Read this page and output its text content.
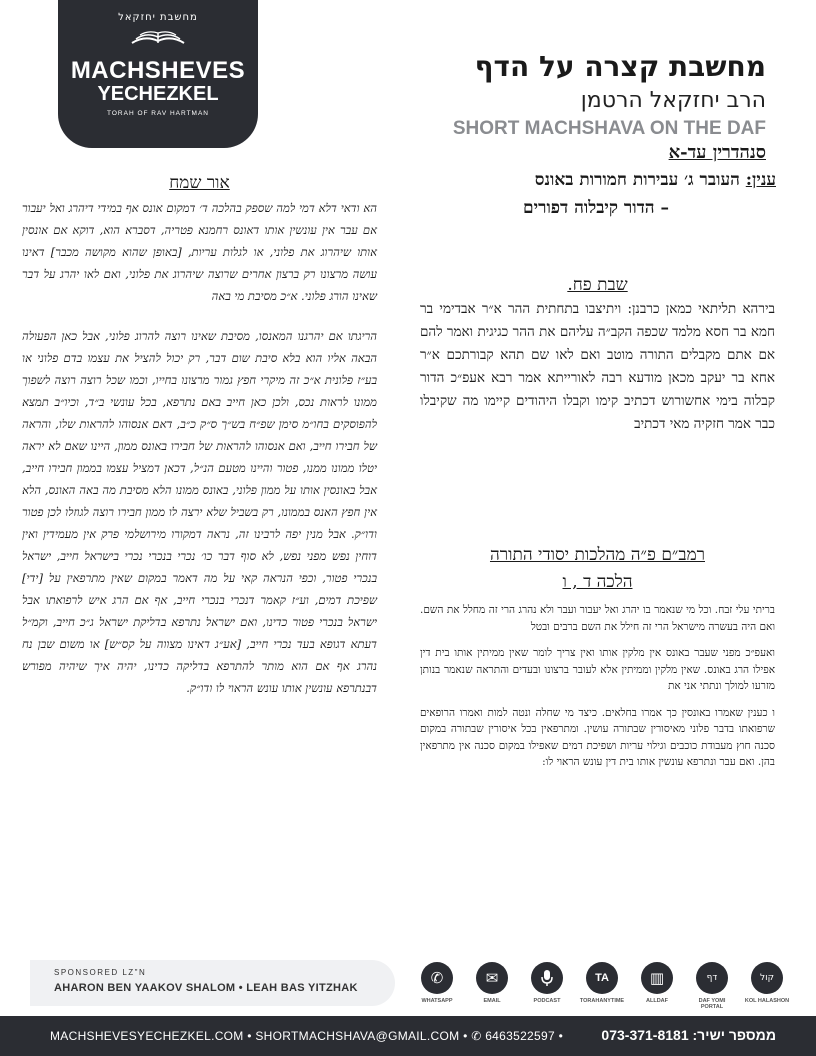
מחשבת יחזקאל
MACHSHEVES
YECHEZKEL
TORAH OF RAV HARTMAN
מחשבת קצרה על הדף
הרב יחזקאל הרטמן
SHORT MACHSHAVA ON THE DAF
סנהדרין עד-א
ענין: העובר ג׳ עבירות חמורות באונס
– הדור קיבלוה דפורים
אור שמח
הא ודאי דלא דמי למה שספק בהלכה ד׳ דמקום אונס אף במידי דיהרג ואל יעבור אם עבר אין עונשין אותו דאונס רחמנא פטריה, דסברא הוא, דוקא אם אונסין אותו שיהרוג את פלוני, או לגלות עריות, [באופן שהוא מקושה מכבר] דאינו עושה מרצונו רק ברצון אחרים שרוצה שיהרוג את פלוני, ואם לאו יהרג על דבר שאינו הורג פלוני. א״כ מסיבת מי באה
הריגתו אם יהרגנו המאנסו, מסיבת שאינו רוצה להרוג פלוני, אבל כאן הפעולה הבאה אליו הוא בלא סיבת שום דבר, רק יכול להציל את עצמו בדם פלוני או בע״ז פלונית א״כ זה מיקרי חפץ גמור מרצונו בחייו, וכמו שכל רוצה רוצה לשפוך ממונו לראות נכס, ולכן כאן חייב באם נתרפא, בכל עונשי ב״ד, וכיו״ב תמצא להפוסקים בחו״מ סימן שפ״ח בש״ך ס״ק כ״ב, דאם אנסוהו להראות שלו, והראה של חבירו חייב, ואם אנסוהו להראות של חבירו באונס ממון, היינו שאם לא יראה יטלו ממונו ממנו, פטור והיינו מטעם הנ״ל, דכאן דמציל עצמו בממון חבירו חייב, אבל באונסין אותו על ממון פלוני, באונס ממונו הלא מסיבת מה באה האונס, הלא אין חפץ האנס בממונו, רק בשביל שלא ירצה לו ממון חבירו רוצה לגוזלו לכן פטור ודו״ק. אבל מנין יפה לרבינו זה, נראה דמקורו מירושלמי פרק אין מעמידין ואין דוחין נפש מפני נפש, לא סוף דבר כו׳ נכרי בנכרי נכרי בישראל חייב, ישראל בנכרי פטור, וכפי הנראה קאי על מה דאמר במקום שאין מתרפאין על [ידי] שפיכת דמים, וע״ז קאמר דנכרי בנכרי חייב, אף אם הרג איש לרפואתו אבל ישראל בנכרי פטור כדינו, ואם ישראל נתרפא בדליקת ישראל ג״כ חייב, וקמ״ל דעתא דגופא בעד נכרי חייב, [אע״ג דאינו מצווה על קס״ש] או משום שבן נח נהרג אף אם הוא מותר להתרפא בדליקה כדינו, יהיה איך שיהיה מפורש דבנתרפא עונשין אותו עונש הראוי לו ודו״ק.
שבת פח.
בירהא תליתאי כמאן כרבנן: ויתיצבו בתחתית ההר א״ר אבדימי בר חמא בר חסא מלמד שכפה הקב״ה עליהם את ההר כגיגית ואמר להם אם אתם מקבלים התורה מוטב ואם לאו שם תהא קבורתכם א״ר אחא בר יעקב מכאן מודעא רבה לאורייתא אמר רבא אעפ״כ הדור קבלוה בימי אחשורוש דכתיב קימו וקבלו היהודים קיימו מה שקיבלו כבר אמר חזקיה מאי דכתיב
רמב״ם פ״ה מהלכות יסודי התורה
הלכה ד , ו
בריתי עלי זבח. וכל מי שנאמר בו יהרג ואל יעבור ועבר ולא נהרג הרי זה מחלל את השם. ואם היה בעשרה מישראל הרי זה חילל את השם ברבים ובטל
ואעפ״כ מפני שעבר באונס אין מלקין אותו ואין צריך לומר שאין ממיתין אותו בית דין אפילו הרג באונס. שאין מלקין וממיתין אלא לעובר ברצונו ובעדים והתראה שנאמר בנותן מזרעו למולך ונתתי אני את
ו כענין שאמרו באונסין כך אמרו בחלאים. כיצד מי שחלה ונטה למות ואמרו הרופאים שרפואתו בדבר פלוני מאיסורין שבתורה עושין. ומתרפאין בכל איסורין שבתורה במקום סכנה חוץ מעבודת כוכבים וגילוי עריות ושפיכת דמים שאפילו במקום סכנה אין מתרפאין בהן. ואם עבר ונתרפא עונשין אותו בית דין עונש הראוי לו:
SPONSORED LZ"N
AHARON BEN YAAKOV SHALOM • LEAH BAS YITZHAK
✆
WHATSAPP
✉
EMAIL	PODCAST
TA
TORAHANYTIME
▥
ALLDAF
דף
DAF YOMI PORTAL
קול
KOL HALASHON
MACHSHEVESYECHEZKEL.COM • SHORTMACHSHAVA@GMAIL.COM • ✆ 6463522597 •	ממספר ישיר: 073-371-8181
